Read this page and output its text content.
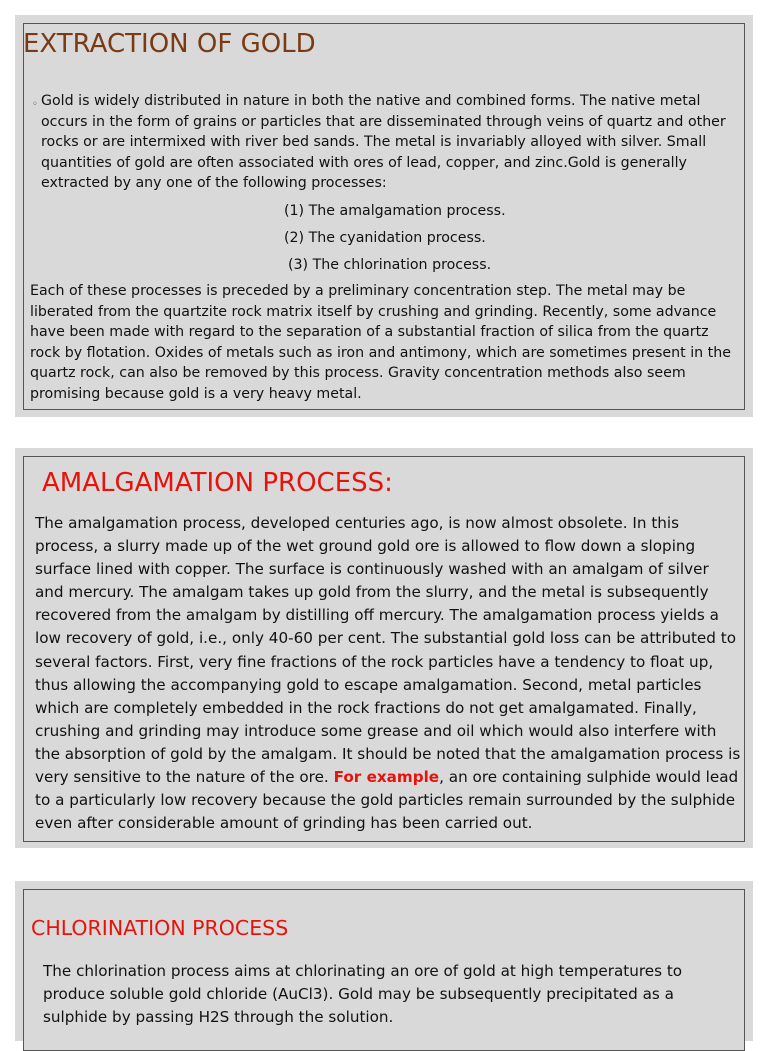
EXTRACTION OF GOLD
◦ Gold is widely distributed in nature in both the native and combined forms. The native metal occurs in the form of grains or particles that are disseminated through veins of quartz and other rocks or are intermixed with river bed sands. The metal is invariably alloyed with silver. Small quantities of gold are often associated with ores of lead, copper, and zinc.Gold is generally extracted by any one of the following processes:

(1) The amalgamation process.
(2) The cyanidation process.
(3) The chlorination process.

Each of these processes is preceded by a preliminary concentration step. The metal may be liberated from the quartzite rock matrix itself by crushing and grinding. Recently, some advance have been made with regard to the separation of a substantial fraction of silica from the quartz rock by flotation. Oxides of metals such as iron and antimony, which are sometimes present in the quartz rock, can also be removed by this process. Gravity concentration methods also seem promising because gold is a very heavy metal.

AMALGAMATION PROCESS:

The amalgamation process, developed centuries ago, is now almost obsolete. In this process, a slurry made up of the wet ground gold ore is allowed to flow down a sloping surface lined with copper. The surface is continuously washed with an amalgam of silver and mercury. The amalgam takes up gold from the slurry, and the metal is subsequently recovered from the amalgam by distilling off mercury. The amalgamation process yields a low recovery of gold, i.e., only 40-60 per cent. The substantial gold loss can be attributed to several factors. First, very fine fractions of the rock particles have a tendency to float up, thus allowing the accompanying gold to escape amalgamation. Second, metal particles which are completely embedded in the rock fractions do not get amalgamated. Finally, crushing and grinding may introduce some grease and oil which would also interfere with the absorption of gold by the amalgam. It should be noted that the amalgamation process is very sensitive to the nature of the ore. For example, an ore containing sulphide would lead to a particularly low recovery because the gold particles remain surrounded by the sulphide even after considerable amount of grinding has been carried out.

CHLORINATION PROCESS

The chlorination process aims at chlorinating an ore of gold at high temperatures to produce soluble gold chloride (AuCl3). Gold may be subsequently precipitated as a sulphide by passing H2S through the solution.
